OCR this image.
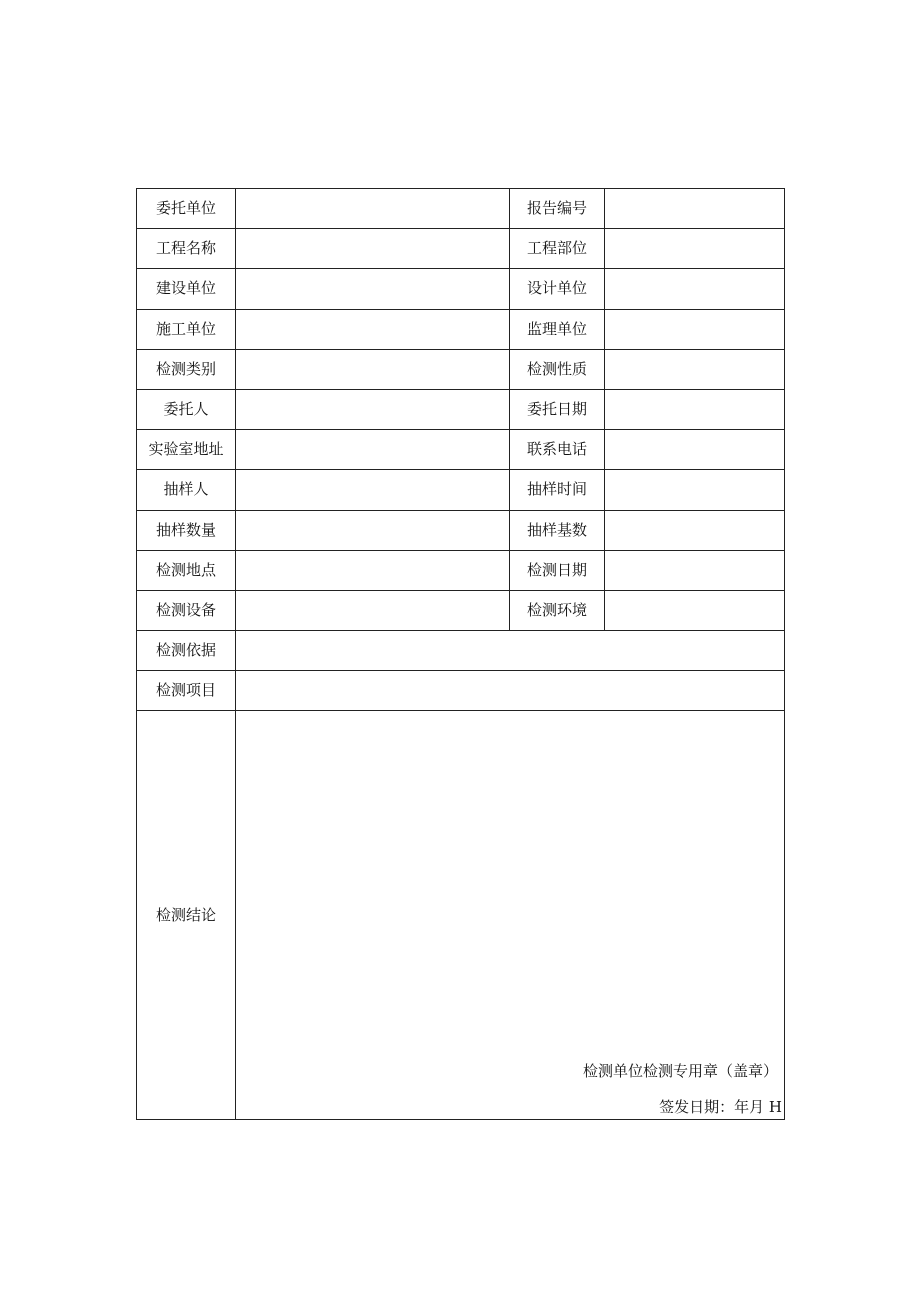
委托单位		报告编号	
工程名称		工程部位	
建设单位		设计单位	
施工单位		监理单位	
检测类别		检测性质	
委托人		委托日期	
实验室地址		联系电话	
抽样人		抽样时间	
抽样数量		抽样基数	
检测地点		检测日期	
检测设备		检测环境	
检测依据			
检测项目			
检测结论	检测单位检测专用章（盖章）
签发日期：年月 H		
